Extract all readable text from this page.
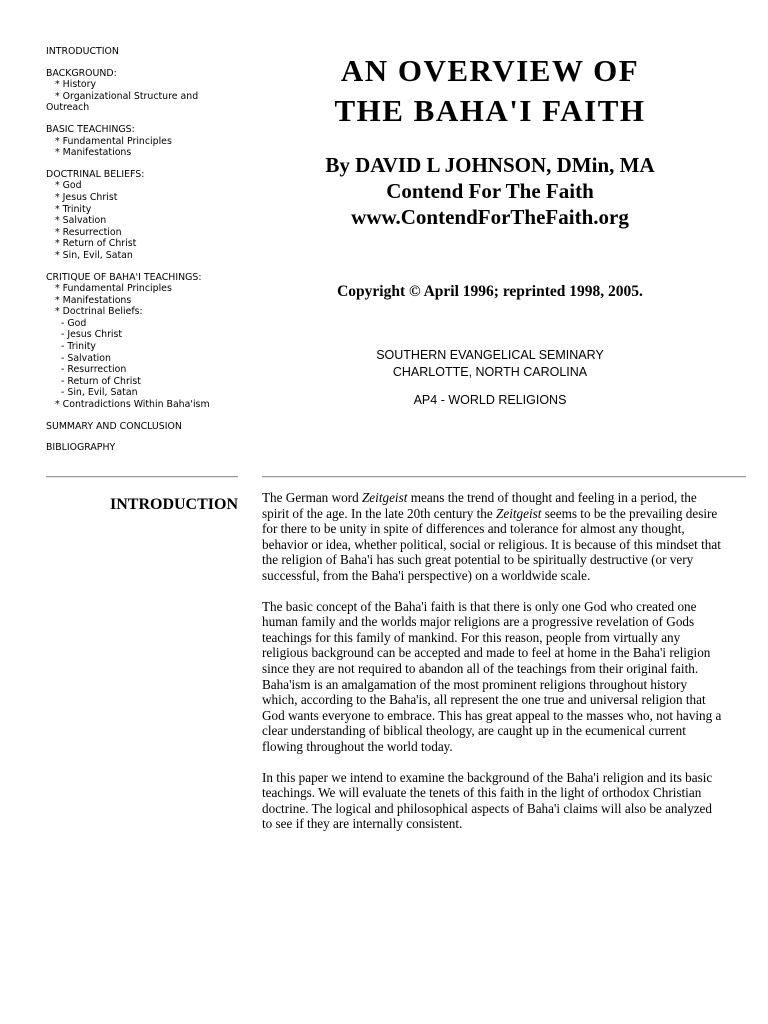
INTRODUCTION
BACKGROUND:
* History
* Organizational Structure and
Outreach
BASIC TEACHINGS:
* Fundamental Principles
* Manifestations
DOCTRINAL BELIEFS:
* God
* Jesus Christ
* Trinity
* Salvation
* Resurrection
* Return of Christ
* Sin, Evil, Satan
CRITIQUE OF BAHA'I TEACHINGS:
* Fundamental Principles
* Manifestations
* Doctrinal Beliefs:
- God
- Jesus Christ
- Trinity
- Salvation
- Resurrection
- Return of Christ
- Sin, Evil, Satan
* Contradictions Within Baha'ism
SUMMARY AND CONCLUSION
BIBLIOGRAPHY
AN OVERVIEW OF
THE BAHA'I FAITH
By DAVID L JOHNSON, DMin, MA
Contend For The Faith
www.ContendForTheFaith.org
Copyright © April 1996; reprinted 1998, 2005.
SOUTHERN EVANGELICAL SEMINARY
CHARLOTTE, NORTH CAROLINA
AP4 - WORLD RELIGIONS
INTRODUCTION The German word Zeitgeist means the trend of thought and feeling in a period, the spirit of the age. In the late 20th century the Zeitgeist seems to be the prevailing desire for there to be unity in spite of differences and tolerance for almost any thought, behavior or idea, whether political, social or religious. It is because of this mindset that the religion of Baha'i has such great potential to be spiritually destructive (or very successful, from the Baha'i perspective) on a worldwide scale.

The basic concept of the Baha'i faith is that there is only one God who created one human family and the worlds major religions are a progressive revelation of Gods teachings for this family of mankind. For this reason, people from virtually any religious background can be accepted and made to feel at home in the Baha'i religion since they are not required to abandon all of the teachings from their original faith. Baha'ism is an amalgamation of the most prominent religions throughout history which, according to the Baha'is, all represent the one true and universal religion that God wants everyone to embrace. This has great appeal to the masses who, not having a clear understanding of biblical theology, are caught up in the ecumenical current flowing throughout the world today.

In this paper we intend to examine the background of the Baha'i religion and its basic teachings. We will evaluate the tenets of this faith in the light of orthodox Christian doctrine. The logical and philosophical aspects of Baha'i claims will also be analyzed to see if they are internally consistent.
